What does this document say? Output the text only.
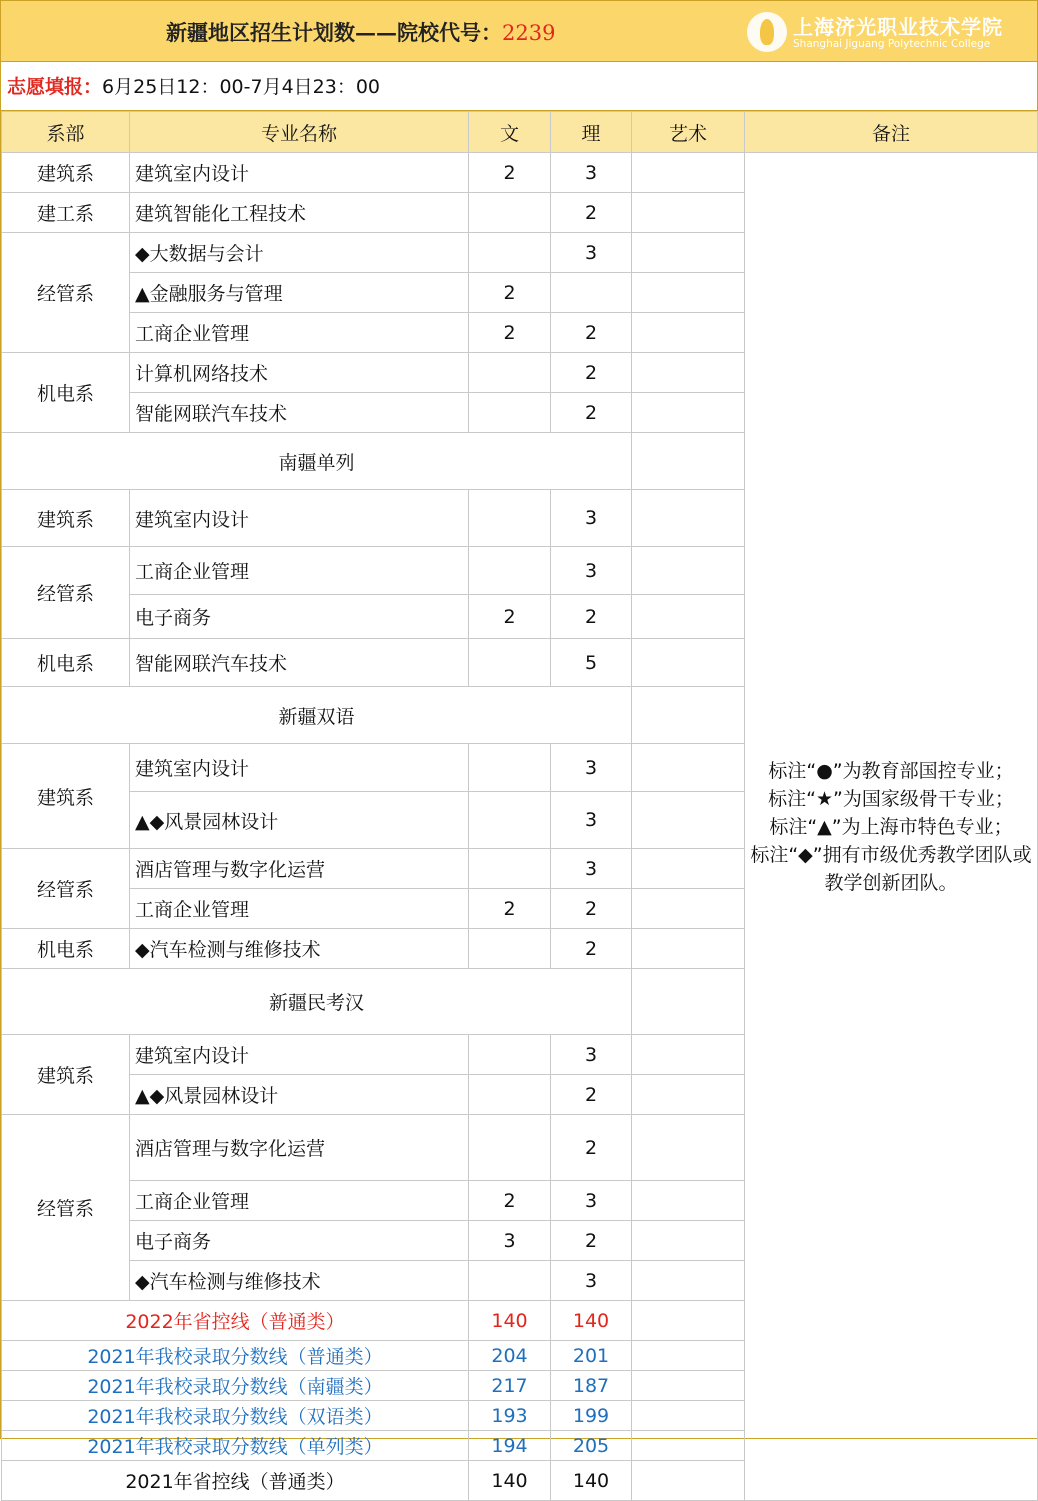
新疆地区招生计划数——院校代号：2239	上海济光职业技术学院
Shanghai Jiguang Polytechnic College
志愿填报：6月25日12：00-7月4日23：00
系部	专业名称	文	理	艺术	备注
建筑系	建筑室内设计	2	3		标注“●”为教育部国控专业；
标注“★”为国家级骨干专业；
标注“▲”为上海市特色专业；
标注“◆”拥有市级优秀教学团队或教学创新团队。

建工系	建筑智能化工程技术		2		
经管系	◆大数据与会计		3		
	▲金融服务与管理	2			
	工商企业管理	2	2		
机电系	计算机网络技术		2		
	智能网联汽车技术		2		
南疆单列					
建筑系	建筑室内设计		3		
经管系	工商企业管理		3		
	电子商务	2	2		
机电系	智能网联汽车技术		5		
新疆双语					
建筑系	建筑室内设计		3		
	▲◆风景园林设计		3		
经管系	酒店管理与数字化运营		3		
	工商企业管理	2	2		
机电系	◆汽车检测与维修技术		2		
新疆民考汉					
建筑系	建筑室内设计		3		
	▲◆风景园林设计		2		
经管系	酒店管理与数字化运营		2		
	工商企业管理	2	3		
	电子商务	3	2		
	◆汽车检测与维修技术		3		
2022年省控线（普通类）		140	140		
2021年我校录取分数线（普通类）		204	201		
2021年我校录取分数线（南疆类）		217	187		
2021年我校录取分数线（双语类）		193	199		
2021年我校录取分数线（单列类）		194	205		
2021年省控线（普通类）		140	140		
